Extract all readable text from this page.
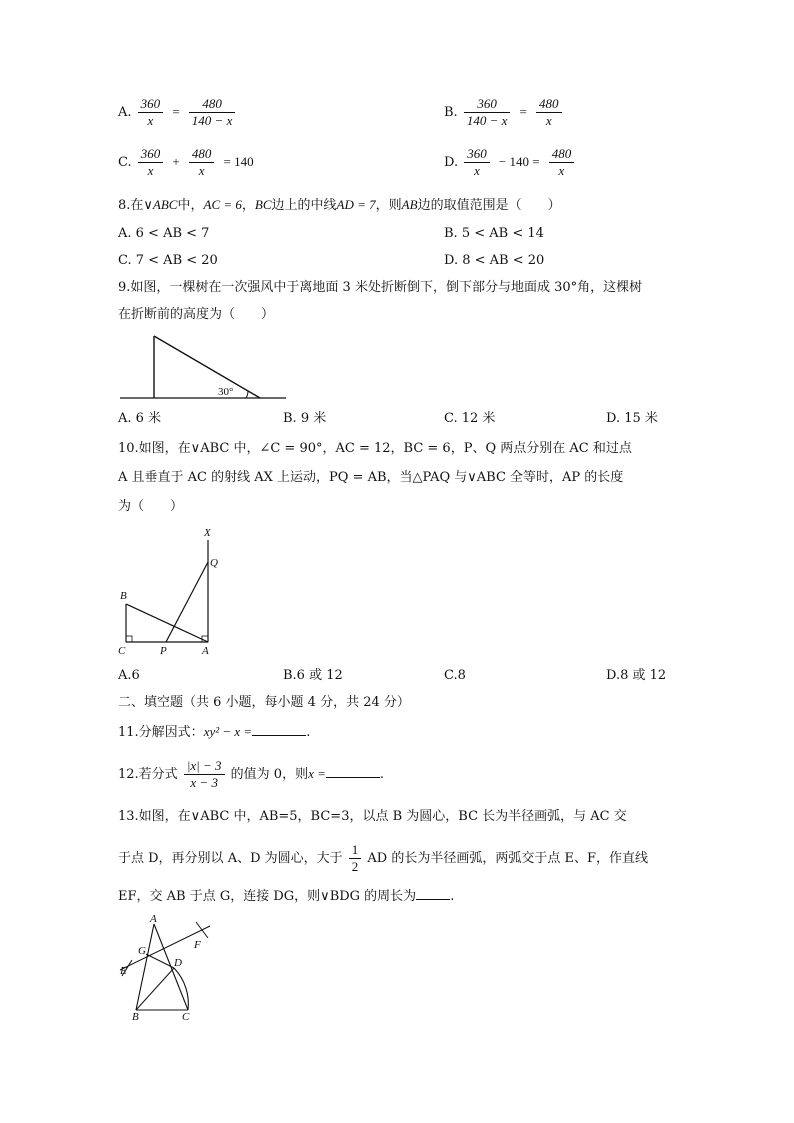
A. $\frac{360}{x} = \frac{480}{140 - x}$	B. $\frac{360}{140 - x} = \frac{480}{x}$
C. $\frac{360}{x} + \frac{480}{x} = 140$	D. $\frac{360}{x} - 140 = \frac{480}{x}$
8.在∨ABC中，AC = 6，BC边上的中线AD = 7，则AB边的取值范围是（　　）
A. 6 < AB < 7	B. 5 < AB < 14
C. 7 < AB < 20	D. 8 < AB < 20
9.如图，一棵树在一次强风中于离地面 3 米处折断倒下，倒下部分与地面成 30°角，这棵树
在折断前的高度为（　　）
30°
A. 6 米	B. 9 米	C. 12 米	D. 15 米
10.如图，在∨ABC 中，∠C = 90°，AC = 12，BC = 6，P、Q 两点分别在 AC 和过点
A 且垂直于 AC 的射线 AX 上运动，PQ = AB，当△PAQ 与∨ABC 全等时，AP 的长度
为（　　）
X
Q
B
C	P	A
A.6	B.6 或 12	C.8	D.8 或 12
二、填空题（共 6 小题，每小题 4 分，共 24 分）
11.分解因式：xy² − x =	.
12.若分式 $\frac{|x| - 3}{x - 3}$ 的值为 0，则x =	.
13.如图，在∨ABC 中，AB=5，BC=3，以点 B 为圆心，BC 长为半径画弧，与 AC 交
于点 D，再分别以 A、D 为圆心，大于 $\frac{1}{2}$ AD 的长为半径画弧，两弧交于点 E、F，作直线
EF，交 AB 于点 G，连接 DG，则∨BDG 的周长为	.
A
G	F
E
D
B	C
